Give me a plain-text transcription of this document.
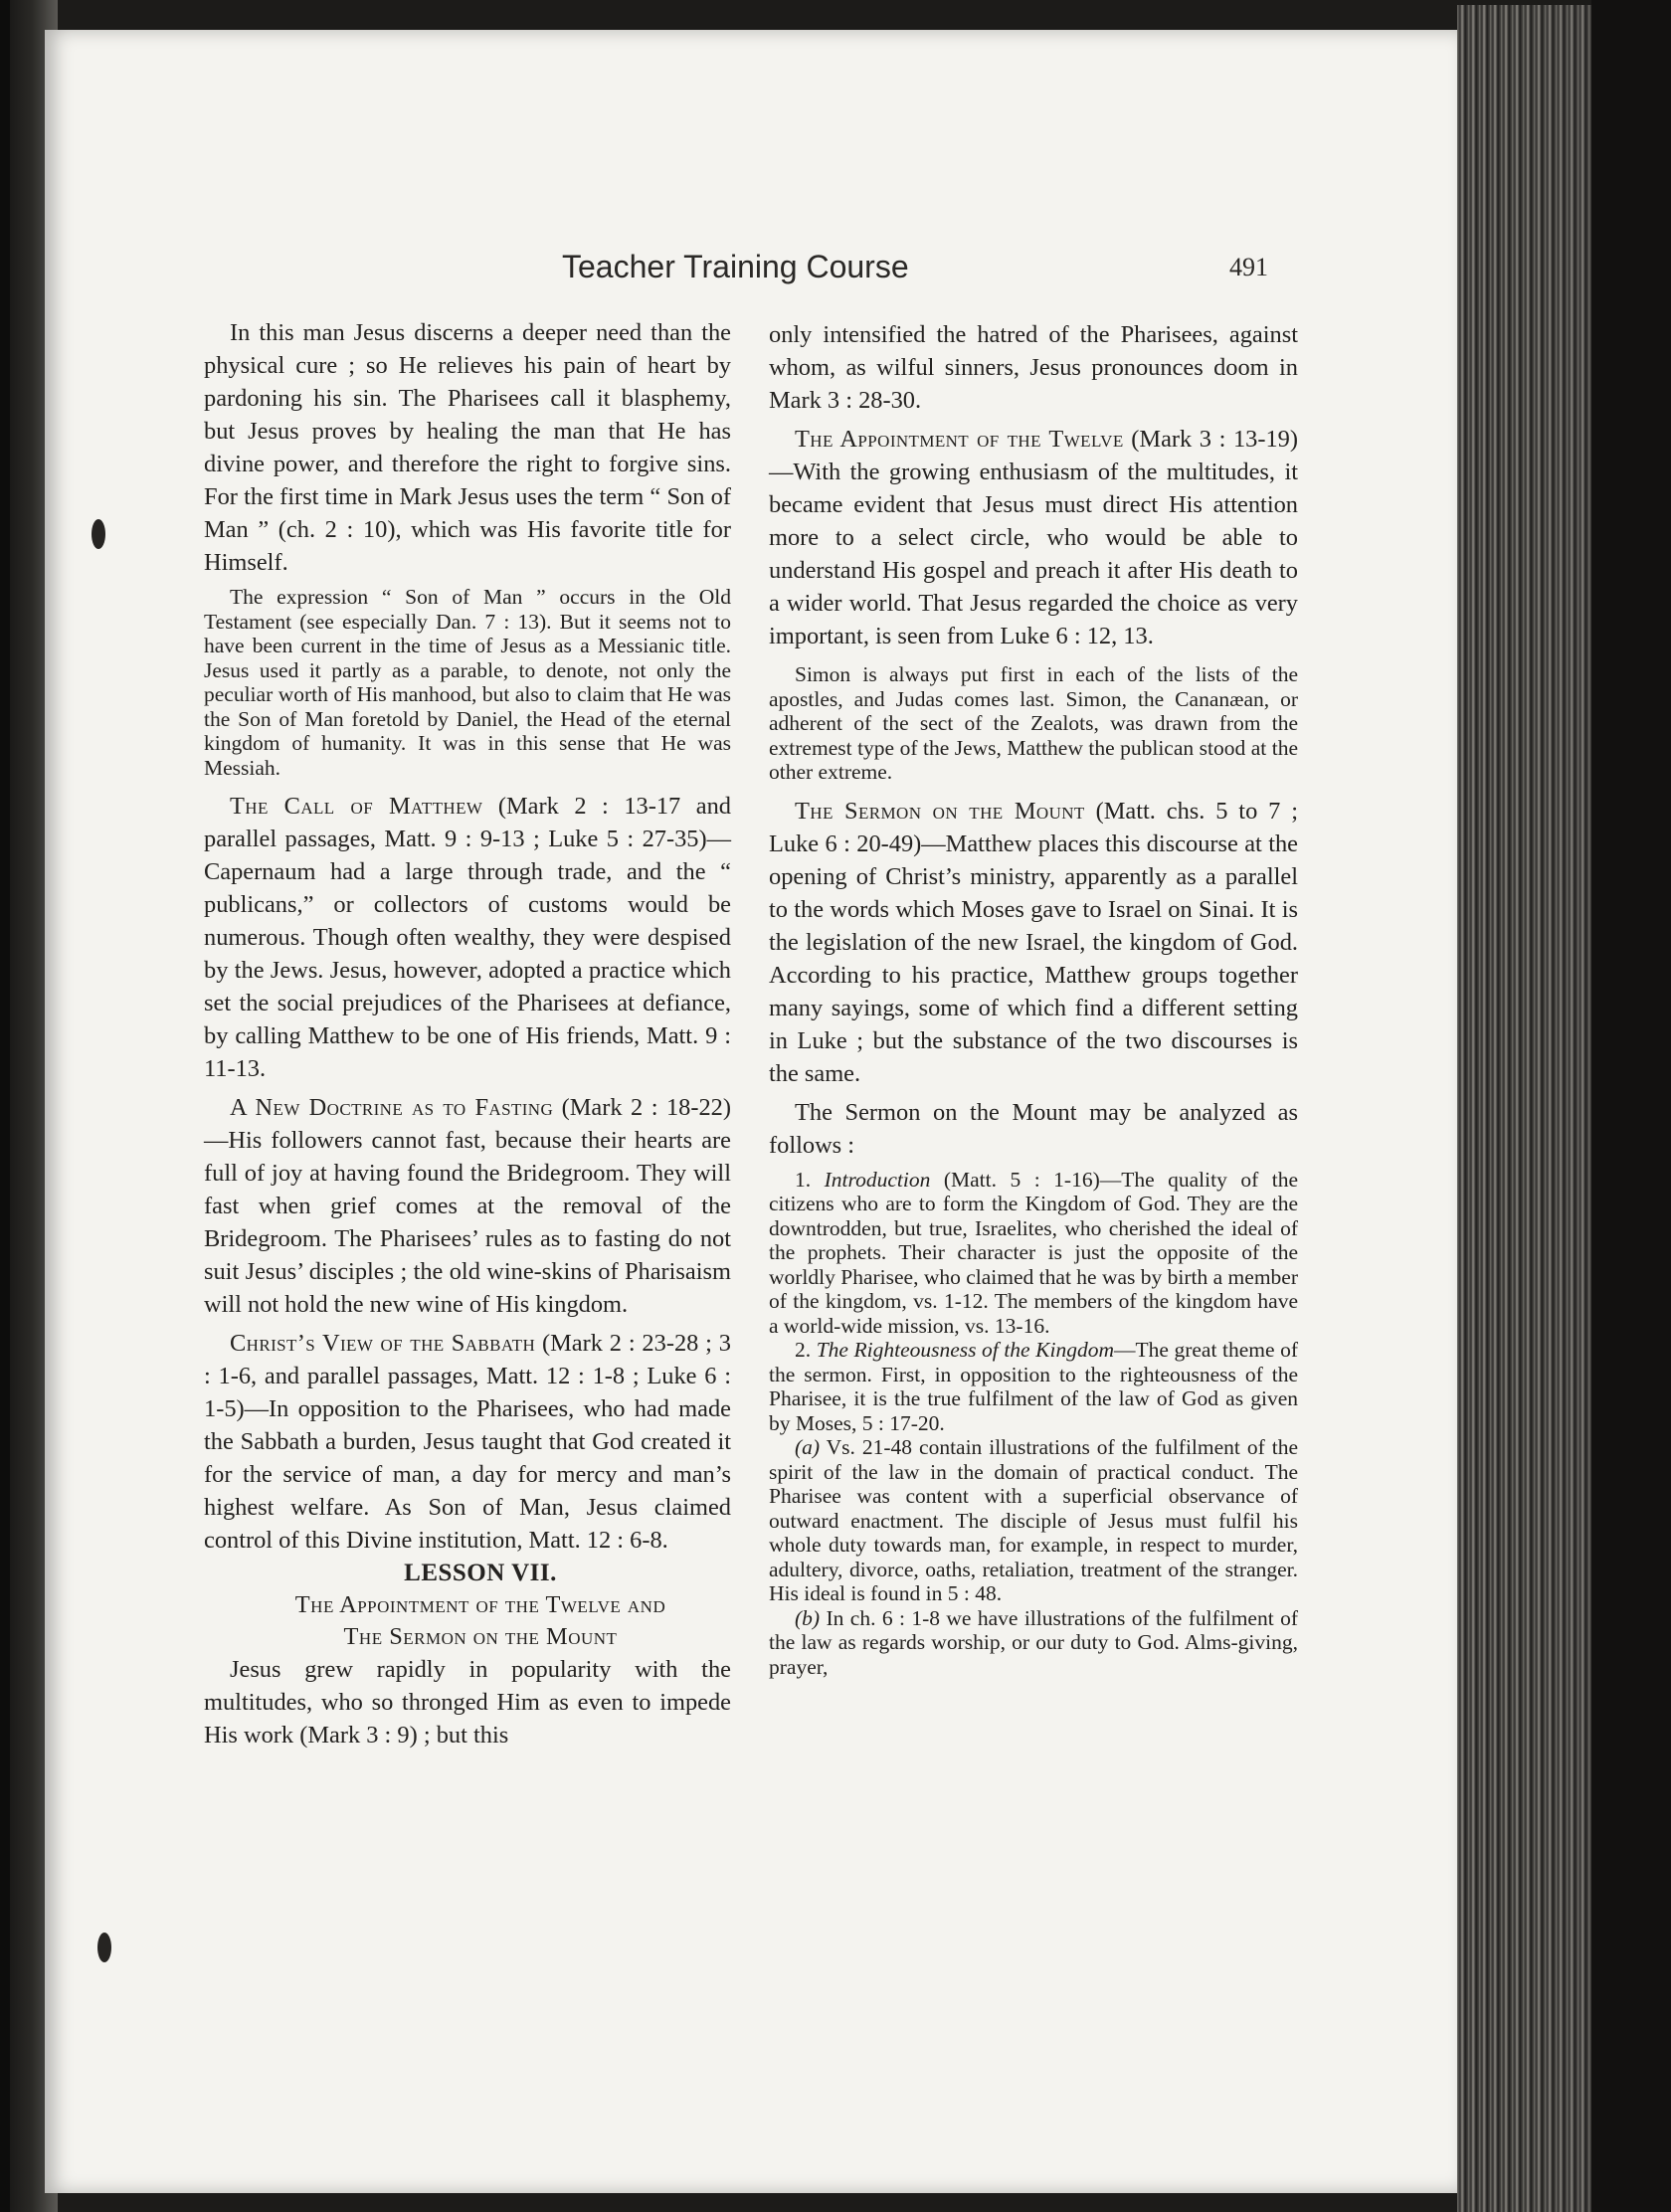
Teacher Training Course	491

In this man Jesus discerns a deeper need than the physical cure ; so He relieves his pain of heart by pardoning his sin. The Pharisees call it blasphemy, but Jesus proves by healing the man that He has divine power, and therefore the right to forgive sins. For the first time in Mark Jesus uses the term “ Son of Man ” (ch. 2 : 10), which was His favorite title for Himself.

The expression “ Son of Man ” occurs in the Old Testament (see especially Dan. 7 : 13). But it seems not to have been current in the time of Jesus as a Messianic title. Jesus used it partly as a parable, to denote, not only the peculiar worth of His manhood, but also to claim that He was the Son of Man foretold by Daniel, the Head of the eternal kingdom of humanity. It was in this sense that He was Messiah.

The Call of Matthew (Mark 2 : 13-17 and parallel passages, Matt. 9 : 9-13 ; Luke 5 : 27-35)—Capernaum had a large through trade, and the “ publicans,” or collectors of customs would be numerous. Though often wealthy, they were despised by the Jews. Jesus, however, adopted a practice which set the social prejudices of the Pharisees at defiance, by calling Matthew to be one of His friends, Matt. 9 : 11-13.

A New Doctrine as to Fasting (Mark 2 : 18-22)—His followers cannot fast, because their hearts are full of joy at having found the Bridegroom. They will fast when grief comes at the removal of the Bridegroom. The Pharisees’ rules as to fasting do not suit Jesus’ disciples ; the old wine-skins of Pharisaism will not hold the new wine of His kingdom.

Christ’s View of the Sabbath (Mark 2 : 23-28 ; 3 : 1-6, and parallel passages, Matt. 12 : 1-8 ; Luke 6 : 1-5)—In opposition to the Pharisees, who had made the Sabbath a burden, Jesus taught that God created it for the service of man, a day for mercy and man’s highest welfare. As Son of Man, Jesus claimed control of this Divine institution, Matt. 12 : 6-8.

LESSON VII.

The Appointment of the Twelve and
The Sermon on the Mount

Jesus grew rapidly in popularity with the multitudes, who so thronged Him as even to impede His work (Mark 3 : 9) ; but this

only intensified the hatred of the Pharisees, against whom, as wilful sinners, Jesus pronounces doom in Mark 3 : 28-30.

The Appointment of the Twelve (Mark 3 : 13-19)—With the growing enthusiasm of the multitudes, it became evident that Jesus must direct His attention more to a select circle, who would be able to understand His gospel and preach it after His death to a wider world. That Jesus regarded the choice as very important, is seen from Luke 6 : 12, 13.

Simon is always put first in each of the lists of the apostles, and Judas comes last. Simon, the Cananæan, or adherent of the sect of the Zealots, was drawn from the extremest type of the Jews, Matthew the publican stood at the other extreme.

The Sermon on the Mount (Matt. chs. 5 to 7 ; Luke 6 : 20-49)—Matthew places this discourse at the opening of Christ’s ministry, apparently as a parallel to the words which Moses gave to Israel on Sinai. It is the legislation of the new Israel, the kingdom of God. According to his practice, Matthew groups together many sayings, some of which find a different setting in Luke ; but the substance of the two discourses is the same.

The Sermon on the Mount may be analyzed as follows :

1. Introduction (Matt. 5 : 1-16)—The quality of the citizens who are to form the Kingdom of God. They are the downtrodden, but true, Israelites, who cherished the ideal of the prophets. Their character is just the opposite of the worldly Pharisee, who claimed that he was by birth a member of the kingdom, vs. 1-12. The members of the kingdom have a world-wide mission, vs. 13-16.

2. The Righteousness of the Kingdom—The great theme of the sermon. First, in opposition to the righteousness of the Pharisee, it is the true fulfilment of the law of God as given by Moses, 5 : 17-20.

(a) Vs. 21-48 contain illustrations of the fulfilment of the spirit of the law in the domain of practical conduct. The Pharisee was content with a superficial observance of outward enactment. The disciple of Jesus must fulfil his whole duty towards man, for example, in respect to murder, adultery, divorce, oaths, retaliation, treatment of the stranger. His ideal is found in 5 : 48.

(b) In ch. 6 : 1-8 we have illustrations of the fulfilment of the law as regards worship, or our duty to God. Alms-giving, prayer,
